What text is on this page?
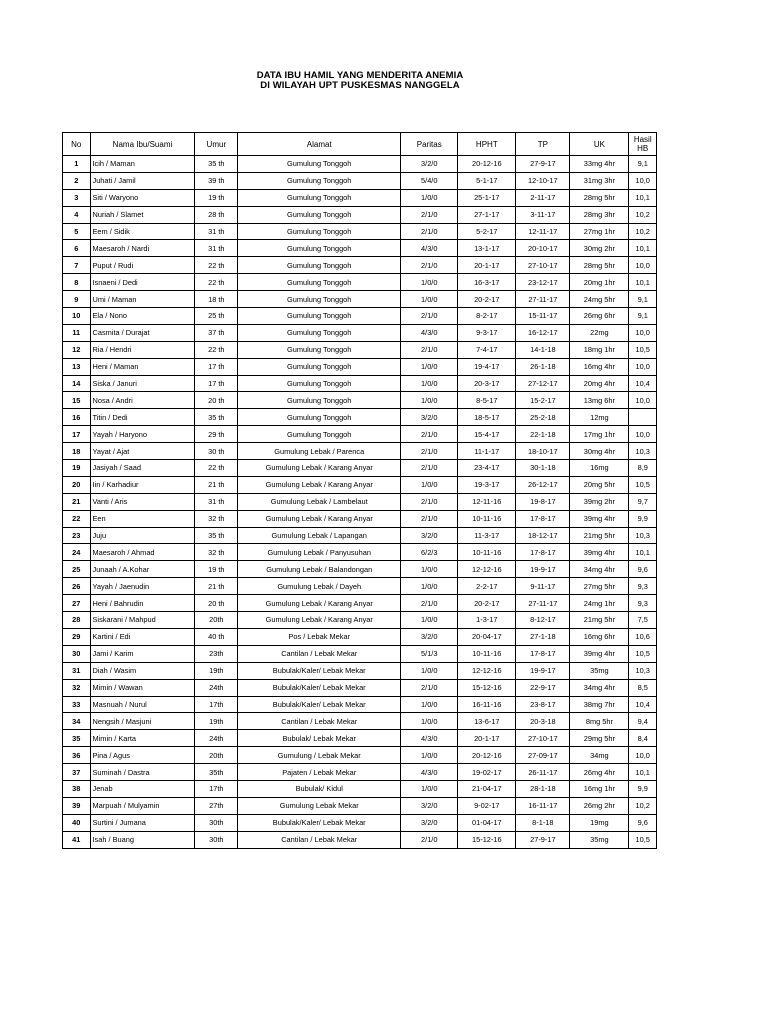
DATA IBU HAMIL YANG MENDERITA ANEMIA
DI WILAYAH UPT PUSKESMAS NANGGELA
No	Nama Ibu/Suami	Umur	Alamat	Paritas	HPHT	TP	UK	Hasil
HB
1	Icih / Maman	35 th	Gumulung Tonggoh	3/2/0	20-12-16	27-9-17	33mg 4hr	9,1
2	Juhati / Jamil	39 th	Gumulung Tonggoh	5/4/0	5-1-17	12-10-17	31mg 3hr	10,0
3	Siti / Waryono	19 th	Gumulung Tonggoh	1/0/0	25-1-17	2-11-17	28mg 5hr	10,1
4	Nuriah / Slamet	28 th	Gumulung Tonggoh	2/1/0	27-1-17	3-11-17	28mg 3hr	10,2
5	Eem / Sidik	31 th	Gumulung Tonggoh	2/1/0	5-2-17	12-11-17	27mg 1hr	10,2
6	Maesaroh / Nardi	31 th	Gumulung Tonggoh	4/3/0	13-1-17	20-10-17	30mg 2hr	10,1
7	Puput / Rudi	22 th	Gumulung Tonggoh	2/1/0	20-1-17	27-10-17	28mg 5hr	10,0
8	Isnaeni / Dedi	22 th	Gumulung Tonggoh	1/0/0	16-3-17	23-12-17	20mg 1hr	10,1
9	Umi / Maman	18 th	Gumulung Tonggoh	1/0/0	20-2-17	27-11-17	24mg 5hr	9,1
10	Ela / Nono	25 th	Gumulung Tonggoh	2/1/0	8-2-17	15-11-17	26mg 6hr	9,1
11	Casmita / Durajat	37 th	Gumulung Tonggoh	4/3/0	9-3-17	16-12-17	22mg	10,0
12	Ria / Hendri	22 th	Gumulung Tonggoh	2/1/0	7-4-17	14-1-18	18mg 1hr	10,5
13	Heni / Maman	17 th	Gumulung Tonggoh	1/0/0	19-4-17	26-1-18	16mg 4hr	10,0
14	Siska / Januri	17 th	Gumulung Tonggoh	1/0/0	20-3-17	27-12-17	20mg 4hr	10,4
15	Nosa / Andri	20 th	Gumulung Tonggoh	1/0/0	8-5-17	15-2-17	13mg 6hr	10,0
16	Titin / Dedi	35 th	Gumulung Tonggoh	3/2/0	18-5-17	25-2-18	12mg	
17	Yayah / Haryono	29 th	Gumulung Tonggoh	2/1/0	15-4-17	22-1-18	17mg 1hr	10,0
18	Yayat / Ajat	30 th	Gumulung Lebak / Parenca	2/1/0	11-1-17	18-10-17	30mg 4hr	10,3
19	Jasiyah / Saad	22 th	Gumulung Lebak / Karang Anyar	2/1/0	23-4-17	30-1-18	16mg	8,9
20	Iin / Karhadiur	21 th	Gumulung Lebak / Karang Anyar	1/0/0	19-3-17	26-12-17	20mg 5hr	10,5
21	Vanti / Aris	31 th	Gumulung Lebak / Lambelaut	2/1/0	12-11-16	19-8-17	39mg 2hr	9,7
22	Een	32 th	Gumulung Lebak / Karang Anyar	2/1/0	10-11-16	17-8-17	39mg 4hr	9,9
23	Juju	35 th	Gumulung Lebak / Lapangan	3/2/0	11-3-17	18-12-17	21mg 5hr	10,3
24	Maesaroh / Ahmad	32 th	Gumulung Lebak / Panyusuhan	6/2/3	10-11-16	17-8-17	39mg 4hr	10,1
25	Junaah / A.Kohar	19 th	Gumulung Lebak / Balandongan	1/0/0	12-12-16	19-9-17	34mg 4hr	9,6
26	Yayah / Jaenudin	21 th	Gumulung Lebak / Dayeh	1/0/0	2-2-17	9-11-17	27mg 5hr	9,3
27	Heni / Bahrudin	20 th	Gumulung Lebak / Karang Anyar	2/1/0	20-2-17	27-11-17	24mg 1hr	9,3
28	Siskarani / Mahpud	20th	Gumulung Lebak / Karang Anyar	1/0/0	1-3-17	8-12-17	21mg 5hr	7,5
29	Kartini / Edi	40 th	Pos / Lebak Mekar	3/2/0	20-04-17	27-1-18	16mg 6hr	10,6
30	Jami / Karim	23th	Cantilan / Lebak Mekar	5/1/3	10-11-16	17-8-17	39mg 4hr	10,5
31	Diah / Wasim	19th	Bubulak/Kaler/ Lebak Mekar	1/0/0	12-12-16	19-9-17	35mg	10,3
32	Mimin / Wawan	24th	Bubulak/Kaler/ Lebak Mekar	2/1/0	15-12-16	22-9-17	34mg 4hr	8,5
33	Masnuah / Nurul	17th	Bubulak/Kaler/ Lebak Mekar	1/0/0	16-11-16	23-8-17	38mg 7hr	10,4
34	Nengsih / Masjuni	19th	Cantilan / Lebak Mekar	1/0/0	13-6-17	20-3-18	8mg 5hr	9,4
35	Mimin / Karta	24th	Bubulak/ Lebak Mekar	4/3/0	20-1-17	27-10-17	29mg 5hr	8,4
36	Pina / Agus	20th	Gumulung / Lebak Mekar	1/0/0	20-12-16	27-09-17	34mg	10,0
37	Suminah / Dastra	35th	Pajaten / Lebak Mekar	4/3/0	19-02-17	26-11-17	26mg 4hr	10,1
38	Jenab	17th	Bubulak/ Kidul	1/0/0	21-04-17	28-1-18	16mg 1hr	9,9
39	Marpuah / Mulyamin	27th	Gumulung Lebak Mekar	3/2/0	9-02-17	16-11-17	26mg 2hr	10,2
40	Surtini / Jumana	30th	Bubulak/Kaler/ Lebak Mekar	3/2/0	01-04-17	8-1-18	19mg	9,6
41	Isah / Buang	30th	Cantilan / Lebak Mekar	2/1/0	15-12-16	27-9-17	35mg	10,5
